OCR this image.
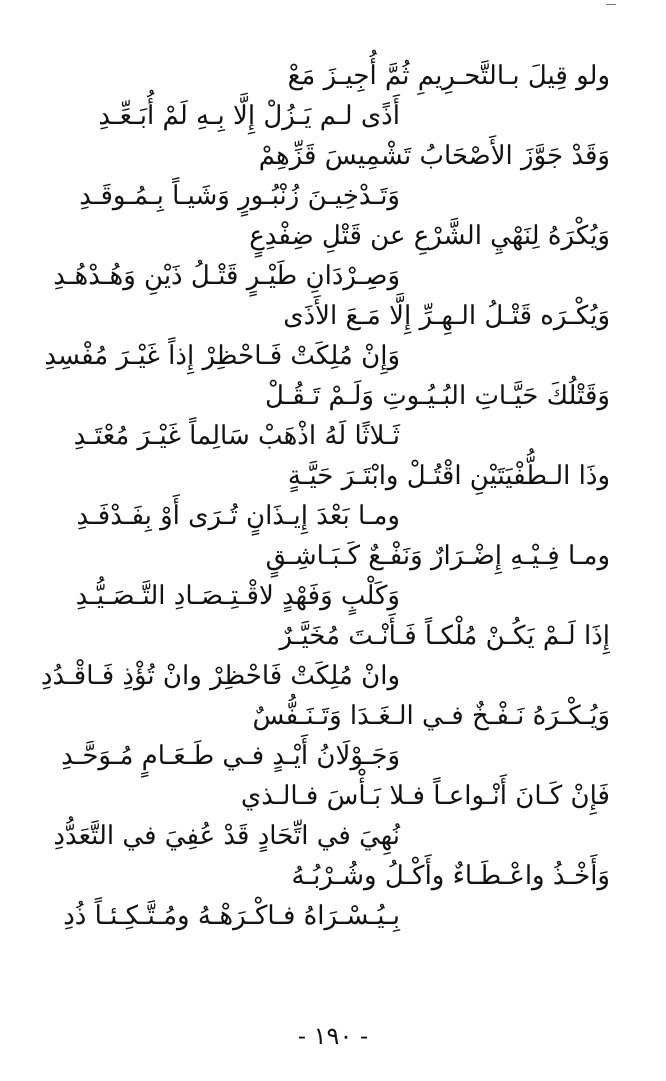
ولو قِيلَ بـالتَّحـرِيمِ ثُمَّ أُجِيـزَ مَعْ
أَذًى لـم يَـزُلْ إِلَّا بِـهِ لَمْ أُبَـعِّـدِ
وَقَدْ جَوَّزَ الأَصْحَابُ تَشْمِيسَ قَزِّهِمْ
وَتَـدْخِيـنَ زُنْبُـورٍ وَشَيـاً بِـمُـوقَـدِ
وَيُكْرَهُ لِنَهْيِ الشَّرْعِ عن قَتْلِ ضِفْدِعٍ
وَصِـرْدَانِ طَيْـرٍ قَتْـلُ ذَيْنِ وَهُـدْهُـدِ
وَيُكْـرَه قَتْـلُ الـهِـرِّ إِلَّا مَـعَ الأَذَى
وَإِنْ مُلِكَتْ فَـاحْظِرْ إِذاً غَيْـرَ مُفْسِدِ
وَقَتْلُكَ حَيَّـاتِ البُـيُـوتِ وَلَـمْ تَـقُـلْ
ثَـلاثًا لَهُ اذْهَبْ سَالِماً غَيْـرَ مُعْتَـدِ
وذَا الـطُّفْيَتَيْنِ اقْتُـلْ وابْتَـرَ حَيَّـةٍ
ومـا بَعْدَ إِيـذَانٍ تُـرَى أَوْ بِفَـدْفَـدِ
ومـا فِـيْـهِ إِضْـرَارٌ وَنَفْـعٌ كَـبَـاشِـقٍ
وَكَلْبٍ وَفَهْدٍ لاقْـتِـصَـادِ التَّـصَـيُّـدِ
إِذَا لَـمْ يَكُـنْ مُلْكـاً فَـأَنْـتَ مُخَيَّـرٌ
وانْ مُلِكَتْ فَاحْظِرْ وانْ تُؤْذِ فَـاقْـدُدِ
وَيُـكْـرَهُ نَـفْـخٌ فـي الـغَـدَا وَتَـنَـفُّسٌ
وَجَـوْلَانُ أَيْـدٍ فـي طَـعَـامٍ مُـوَحَّـدِ
فَإِنْ كَـانَ أَنْـواعـاً فـلا بَـأْسَ فـالـذي
نُهِيَ في اتِّحَادٍ قَدْ عُفِيَ في التَّعَدُّدِ
وَأَخْـذُ واعْـطَـاءٌ وأَكْـلُ وشُـرْبُـهُ
بِـيُـسْـرَاهُ فـاكْـرَهْـهُ ومُـتَّـكِـئـاً ذُدِ
- ١٩٠ -
